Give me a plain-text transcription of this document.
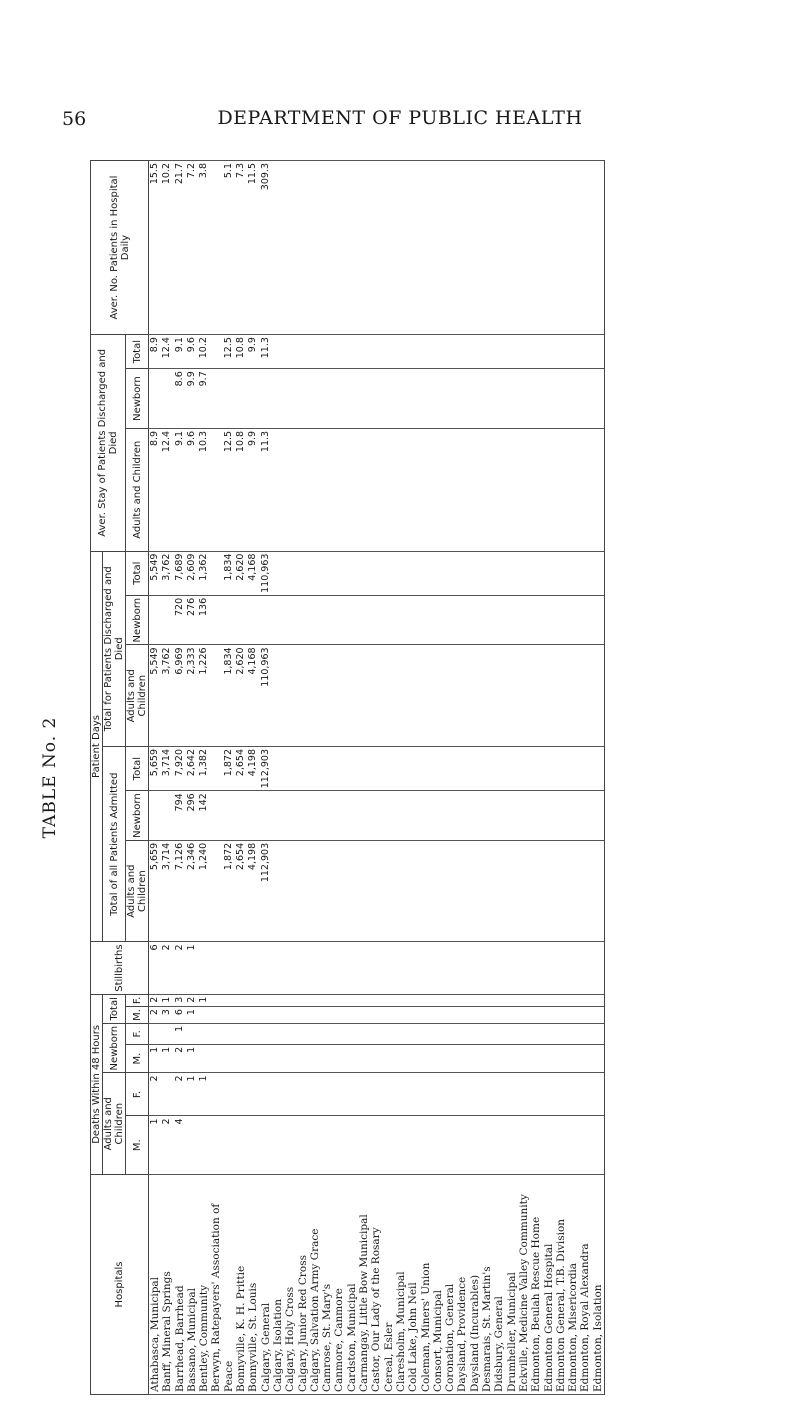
56	DEPARTMENT OF PUBLIC HEALTH
TABLE No. 2
Hospitals	Deaths Within 48 Hours						Stillbirths	Patient Days						Aver. Stay of Patients Discharged and Died			Aver. No. Patients in Hospital Daily
	Adults and Children		Newborn		Total			Total of all Patients Admitted			Total for Patients Discharged and Died						
	M.	F.	M.	F.	M.	F.		Adults and Children	Newborn	Total	Adults and Children	Newborn	Total	Adults and Children	Newborn	Total	
Athabasca, Municipal	1	2	1		2	2	6	5,659		5,659	5,549		5,549	8.9		8.9	15.5
Banff, Mineral Springs	2		1		3	1	2	3,714		3,714	3,762		3,762	12.4		12.4	10.2
Barrhead, Barrhead	4	2	2	1	6	3	2	7,126	794	7,920	6,969	720	7,689	9.1	8.6	9.1	21.7
Bassano, Municipal		1	1		1	2	1	2,346	296	2,642	2,333	276	2,609	9.6	9.9	9.6	7.2
Bentley, Community		1				1		1,240	142	1,382	1,226	136	1,362	10.3	9.7	10.2	3.8
Berwyn, Ratepayers' Association of																	
Peace								1,872		1,872	1,834		1,834	12.5		12.5	5.1
Bonnyville, K. H. Prittie								2,654		2,654	2,620		2,620	10.8		10.8	7.3
Bonnyville, St. Louis								4,198		4,198	4,168		4,168	9.9		9.9	11.5
Calgary, General								112,903		112,903	110,963		110,963	11.3		11.3	309.3
Calgary, Isolation																	
Calgary, Holy Cross																	
Calgary, Junior Red Cross																	
Calgary, Salvation Army Grace																	
Camrose, St. Mary's																	
Canmore, Canmore																	
Cardston, Municipal																	
Carmangay, Little Bow Municipal																	
Castor, Our Lady of the Rosary																	
Cereal, Esler																	
Claresholm, Municipal																	
Cold Lake, John Neil																	
Coleman, Miners' Union																	
Consort, Municipal																	
Coronation, General																	
Daysland, Providence																	
Daysland (Incurables)																	
Desmarais, St. Martin's																	
Didsbury, General																	
Drumheller, Municipal																	
Eckville, Medicine Valley Community																	
Edmonton, Beulah Rescue Home																	
Edmonton General Hospital																	
Edmonton General, T.B. Division																	
Edmonton, Misericordia																	
Edmonton, Royal Alexandra																	
Edmonton, Isolation																	
